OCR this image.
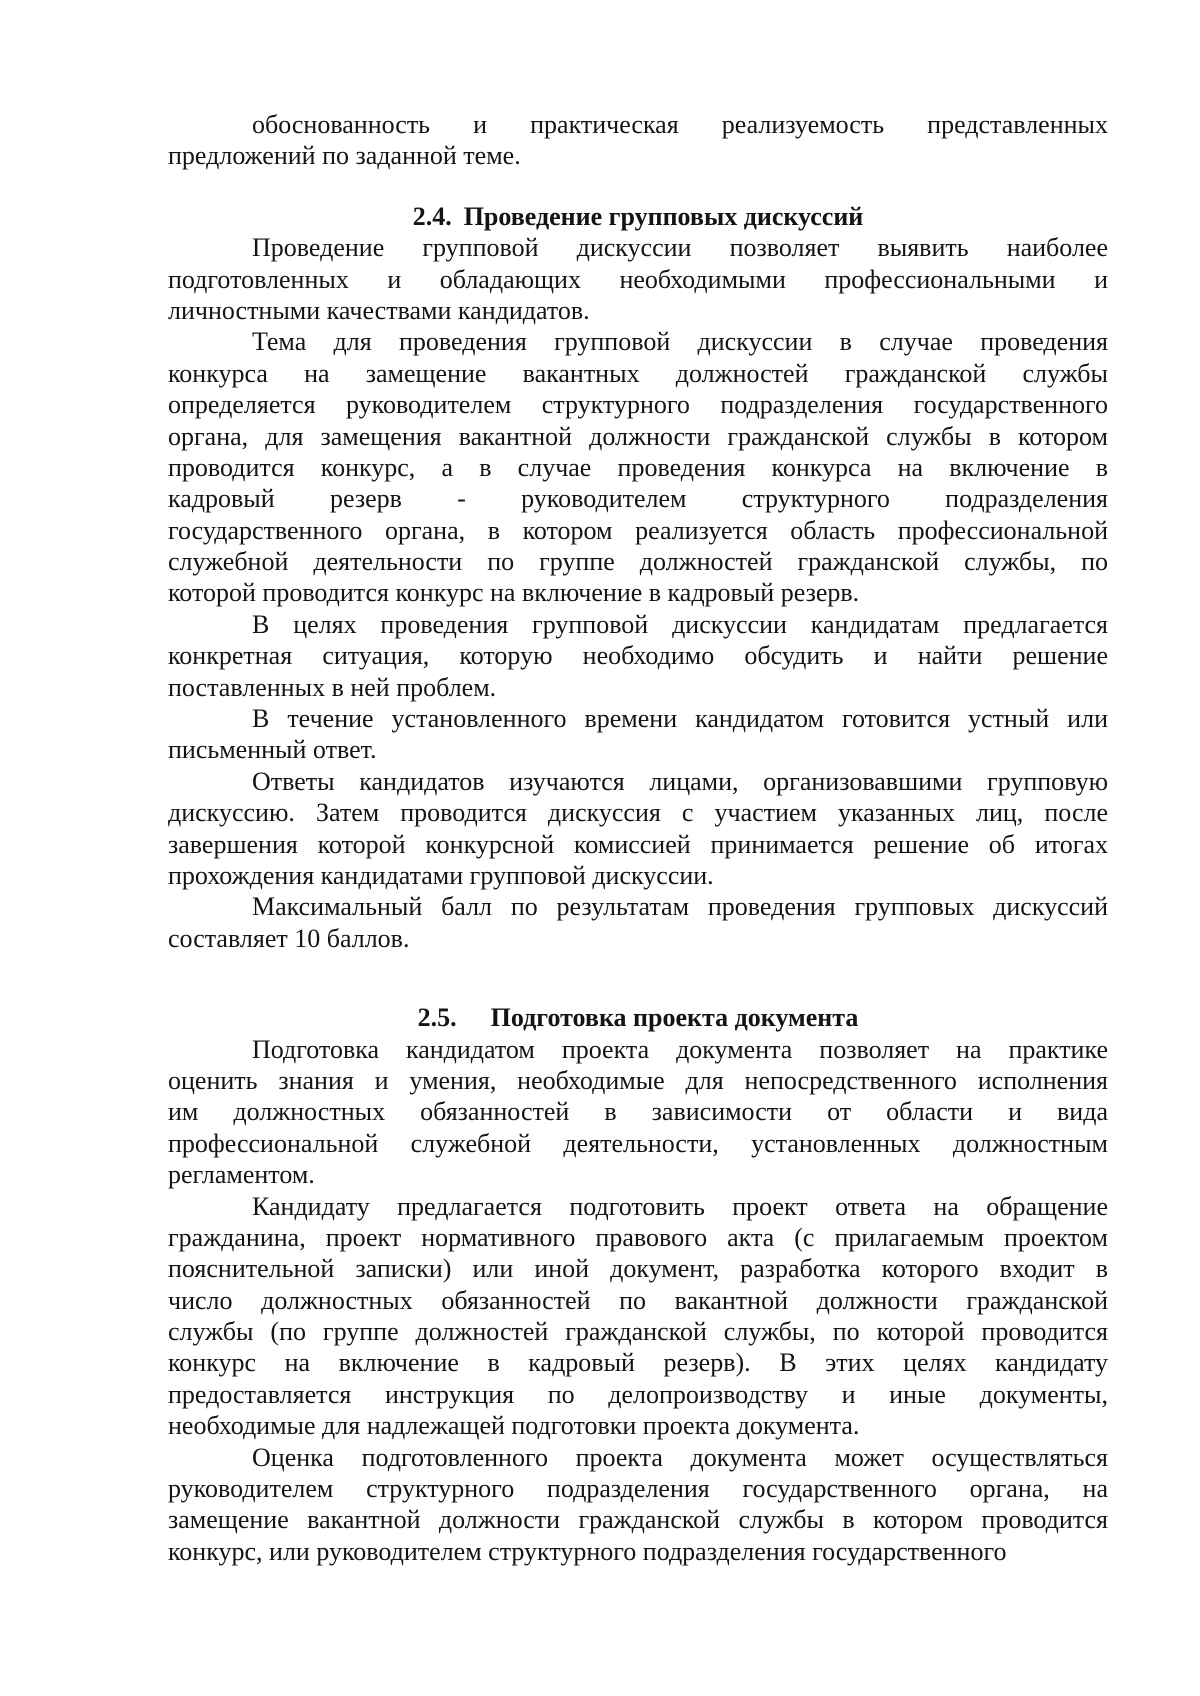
обоснованность и практическая реализуемость представленных
предложений по заданной теме.
2.4. Проведение групповых дискуссий
Проведение групповой дискуссии позволяет выявить наиболее
подготовленных и обладающих необходимыми профессиональными и
личностными качествами кандидатов.
Тема для проведения групповой дискуссии в случае проведения
конкурса на замещение вакантных должностей гражданской службы
определяется руководителем структурного подразделения государственного
органа, для замещения вакантной должности гражданской службы в котором
проводится конкурс, а в случае проведения конкурса на включение в
кадровый резерв - руководителем структурного подразделения
государственного органа, в котором реализуется область профессиональной
служебной деятельности по группе должностей гражданской службы, по
которой проводится конкурс на включение в кадровый резерв.
В целях проведения групповой дискуссии кандидатам предлагается
конкретная ситуация, которую необходимо обсудить и найти решение
поставленных в ней проблем.
В течение установленного времени кандидатом готовится устный или
письменный ответ.
Ответы кандидатов изучаются лицами, организовавшими групповую
дискуссию. Затем проводится дискуссия с участием указанных лиц, после
завершения которой конкурсной комиссией принимается решение об итогах
прохождения кандидатами групповой дискуссии.
Максимальный балл по результатам проведения групповых дискуссий
составляет 10 баллов.
2.5. Подготовка проекта документа
Подготовка кандидатом проекта документа позволяет на практике
оценить знания и умения, необходимые для непосредственного исполнения
им должностных обязанностей в зависимости от области и вида
профессиональной служебной деятельности, установленных должностным
регламентом.
Кандидату предлагается подготовить проект ответа на обращение
гражданина, проект нормативного правового акта (с прилагаемым проектом
пояснительной записки) или иной документ, разработка которого входит в
число должностных обязанностей по вакантной должности гражданской
службы (по группе должностей гражданской службы, по которой проводится
конкурс на включение в кадровый резерв). В этих целях кандидату
предоставляется инструкция по делопроизводству и иные документы,
необходимые для надлежащей подготовки проекта документа.
Оценка подготовленного проекта документа может осуществляться
руководителем структурного подразделения государственного органа, на
замещение вакантной должности гражданской службы в котором проводится
конкурс, или руководителем структурного подразделения государственного
